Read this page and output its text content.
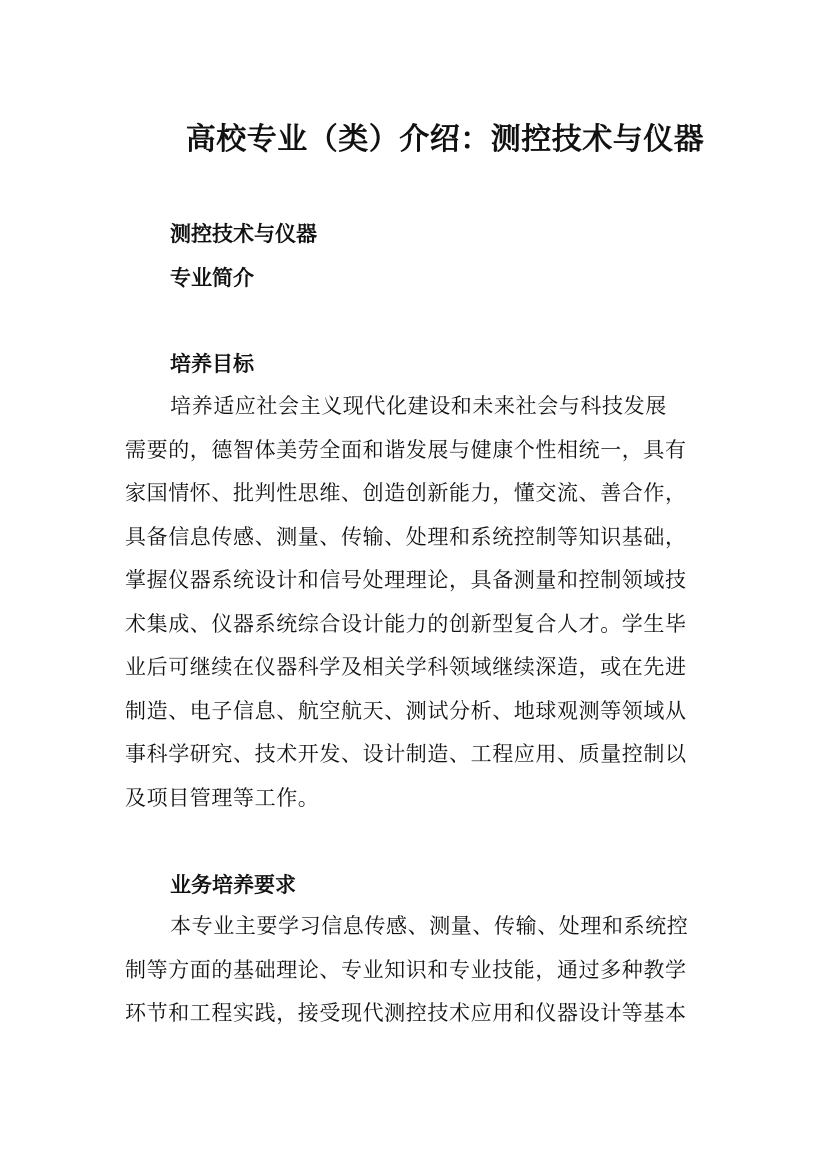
高校专业（类）介绍：测控技术与仪器
测控技术与仪器
专业简介
培养目标
培养适应社会主义现代化建设和未来社会与科技发展
需要的，德智体美劳全面和谐发展与健康个性相统一，具有
家国情怀、批判性思维、创造创新能力，懂交流、善合作，
具备信息传感、测量、传输、处理和系统控制等知识基础，
掌握仪器系统设计和信号处理理论，具备测量和控制领域技
术集成、仪器系统综合设计能力的创新型复合人才。学生毕
业后可继续在仪器科学及相关学科领域继续深造，或在先进
制造、电子信息、航空航天、测试分析、地球观测等领域从
事科学研究、技术开发、设计制造、工程应用、质量控制以
及项目管理等工作。
业务培养要求
本专业主要学习信息传感、测量、传输、处理和系统控
制等方面的基础理论、专业知识和专业技能，通过多种教学
环节和工程实践，接受现代测控技术应用和仪器设计等基本
